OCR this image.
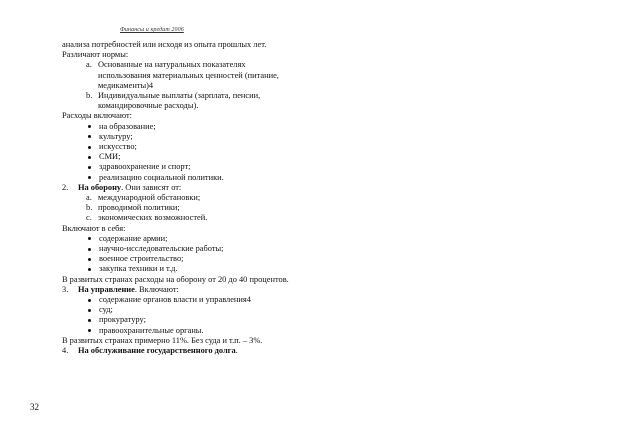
Финансы и кредит 2006

анализа потребностей или исходя из опыта прошлых лет. Различают нормы:

a. Основанные на натуральных показателях использования материальных ценностей (питание, медикаменты)4
b. Индивидуальные выплаты (зарплата, пенсии, командировочные расходы).

Расходы включают:

на образование;
культуру;
искусство;
СМИ;
здравоохранение и спорт;
реализацию социальной политики.
2. На оборону. Они зависят от:
a. международной обстановки;
b. проводимой политики;
c. экономических возможностей.

Включают в себя:

содержание армии;
научно-исследовательские работы;
военное строительство;
закупка техники и т.д.

В развитых странах расходы на оборону от 20 до 40 процентов.

3. На управление. Включают:
содержание органов власти и управления4
суд;
прокуратуру;
правоохранительные органы.

В развитых странах примерно 11%. Без суда и т.п. – 3%.

4. На обслуживание государственного долга.
32
